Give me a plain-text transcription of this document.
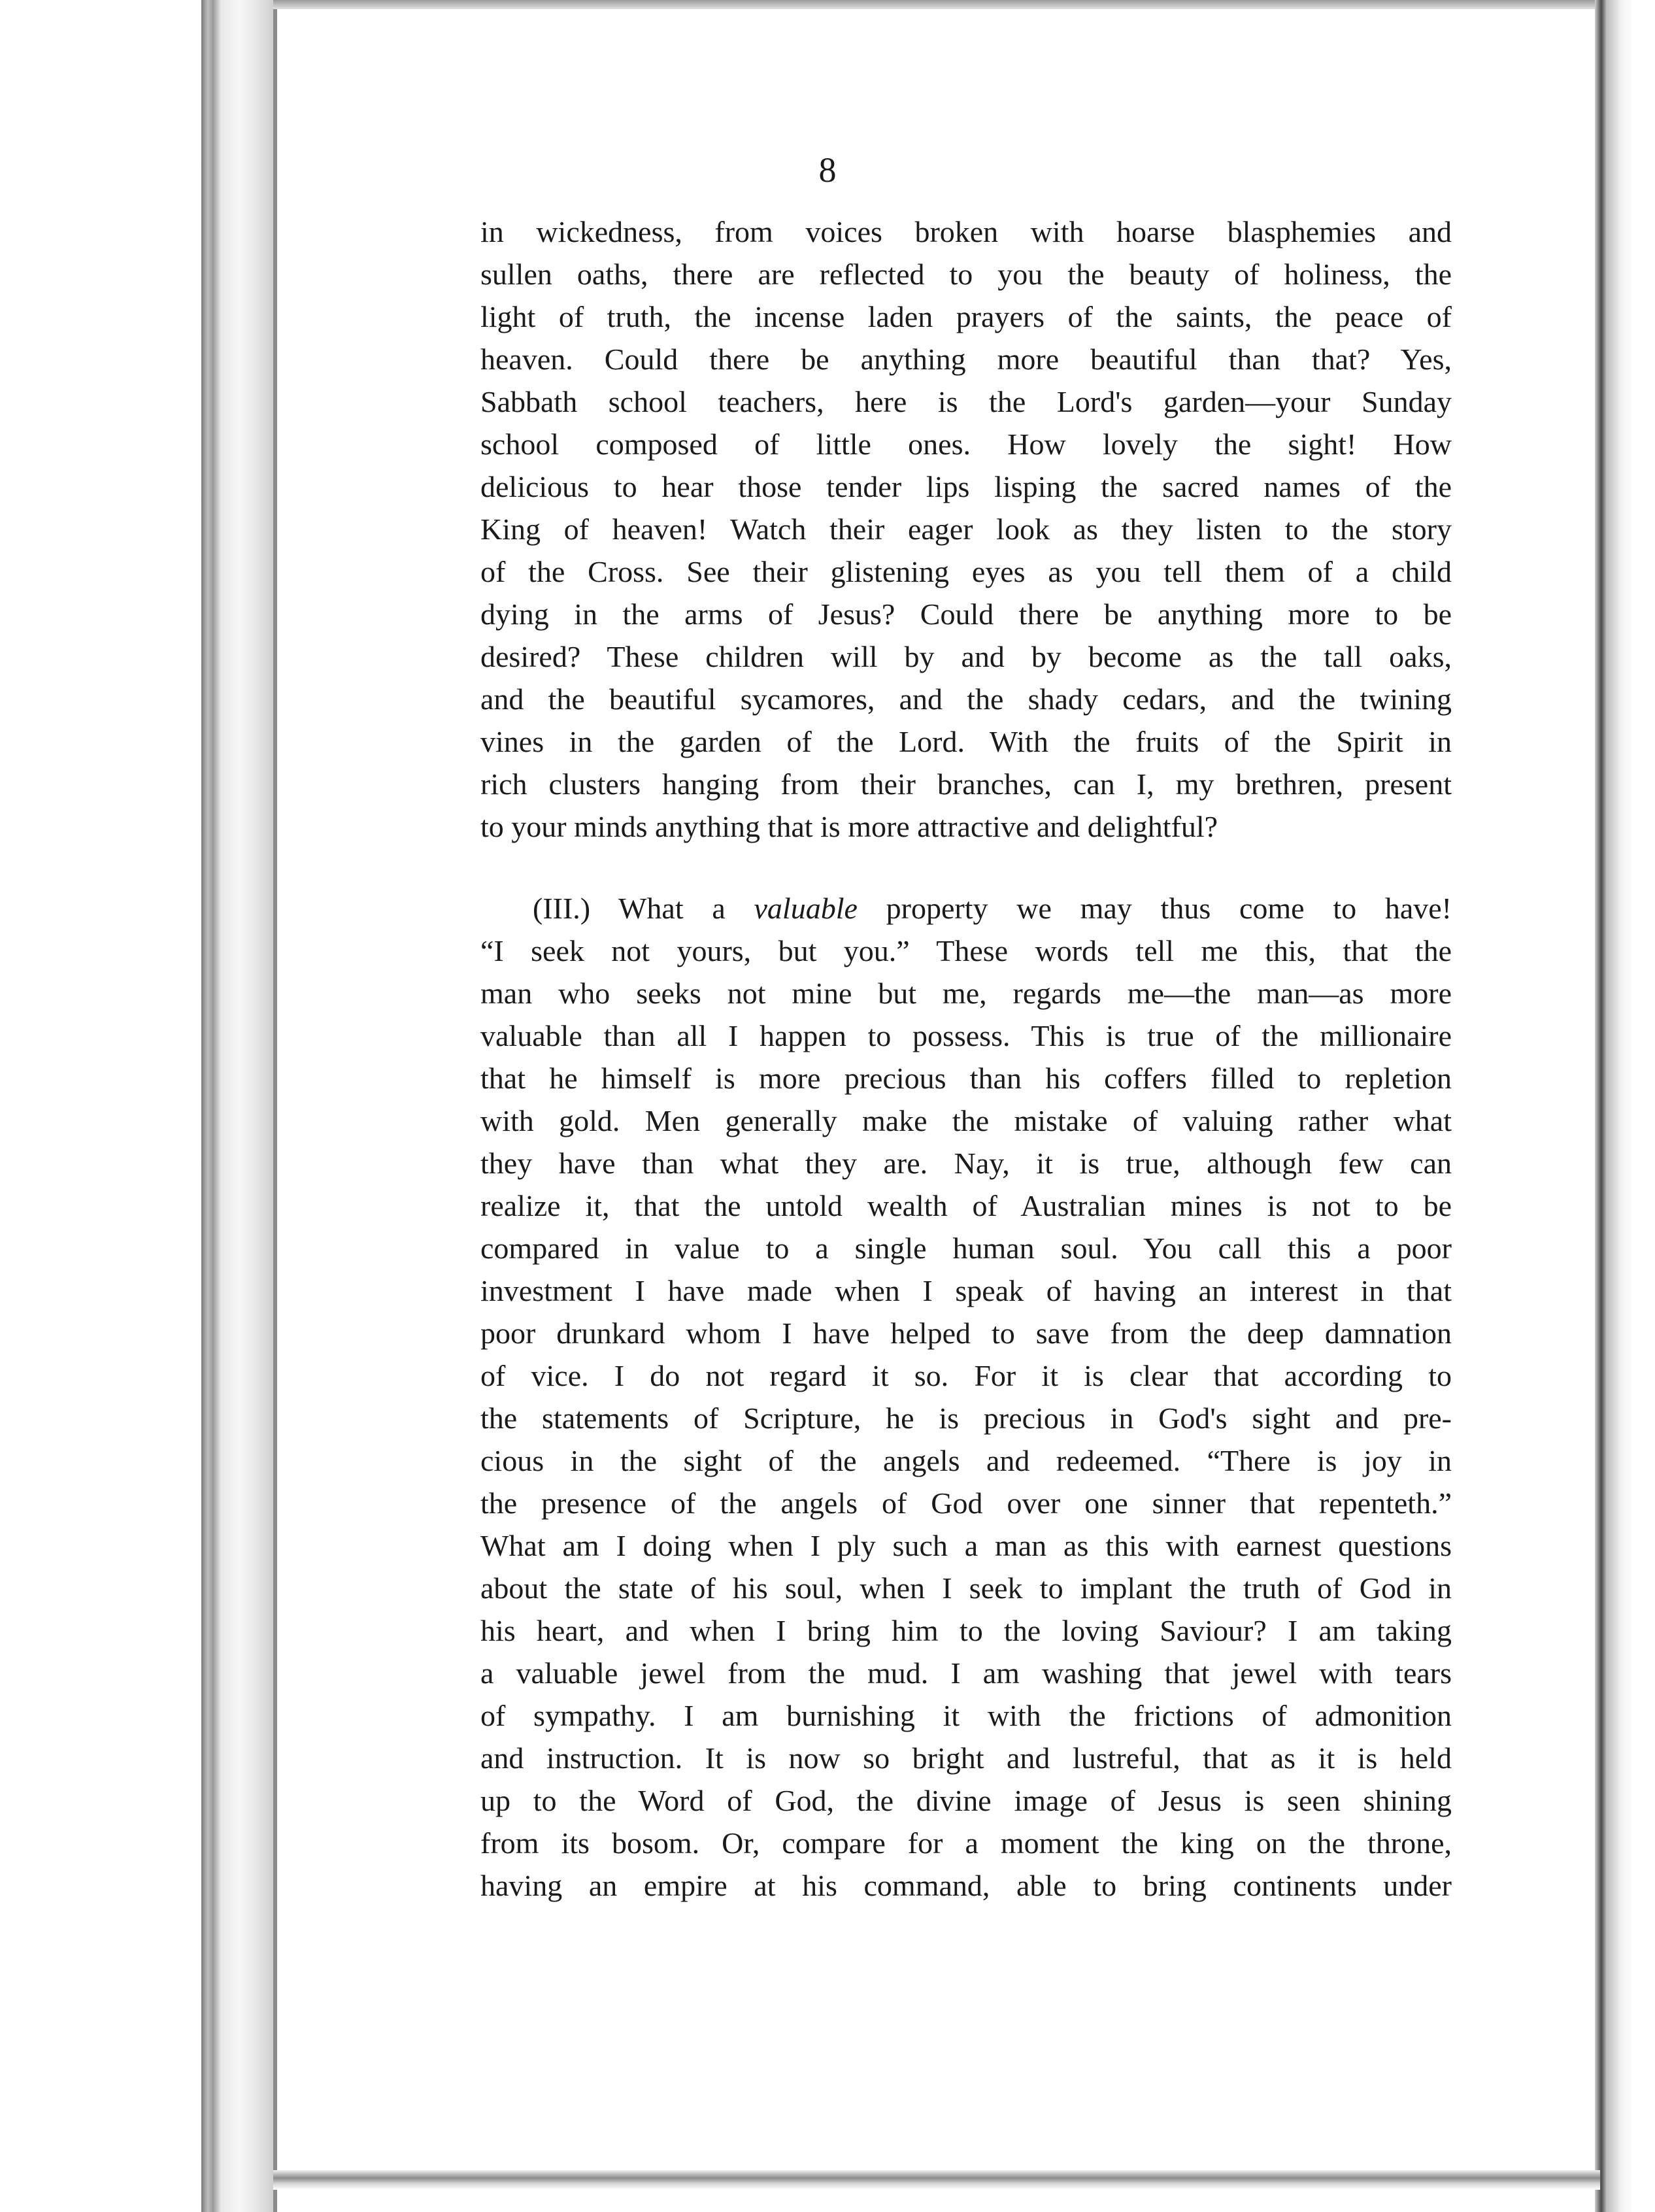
8
in wickedness, from voices broken with hoarse blasphemies and
sullen oaths, there are reflected to you the beauty of holiness, the
light of truth, the incense laden prayers of the saints, the peace of
heaven. Could there be anything more beautiful than that? Yes,
Sabbath school teachers, here is the Lord's garden—your Sunday
school composed of little ones. How lovely the sight! How
delicious to hear those tender lips lisping the sacred names of the
King of heaven! Watch their eager look as they listen to the story
of the Cross. See their glistening eyes as you tell them of a child
dying in the arms of Jesus? Could there be anything more to be
desired? These children will by and by become as the tall oaks,
and the beautiful sycamores, and the shady cedars, and the twining
vines in the garden of the Lord. With the fruits of the Spirit in
rich clusters hanging from their branches, can I, my brethren, present
to your minds anything that is more attractive and delightful?
(III.) What a valuable property we may thus come to have!
“I seek not yours, but you.” These words tell me this, that the
man who seeks not mine but me, regards me—the man—as more
valuable than all I happen to possess. This is true of the millionaire
that he himself is more precious than his coffers filled to repletion
with gold. Men generally make the mistake of valuing rather what
they have than what they are. Nay, it is true, although few can
realize it, that the untold wealth of Australian mines is not to be
compared in value to a single human soul. You call this a poor
investment I have made when I speak of having an interest in that
poor drunkard whom I have helped to save from the deep damnation
of vice. I do not regard it so. For it is clear that according to
the statements of Scripture, he is precious in God's sight and pre-
cious in the sight of the angels and redeemed. “There is joy in
the presence of the angels of God over one sinner that repenteth.”
What am I doing when I ply such a man as this with earnest questions
about the state of his soul, when I seek to implant the truth of God in
his heart, and when I bring him to the loving Saviour? I am taking
a valuable jewel from the mud. I am washing that jewel with tears
of sympathy. I am burnishing it with the frictions of admonition
and instruction. It is now so bright and lustreful, that as it is held
up to the Word of God, the divine image of Jesus is seen shining
from its bosom. Or, compare for a moment the king on the throne,
having an empire at his command, able to bring continents under
